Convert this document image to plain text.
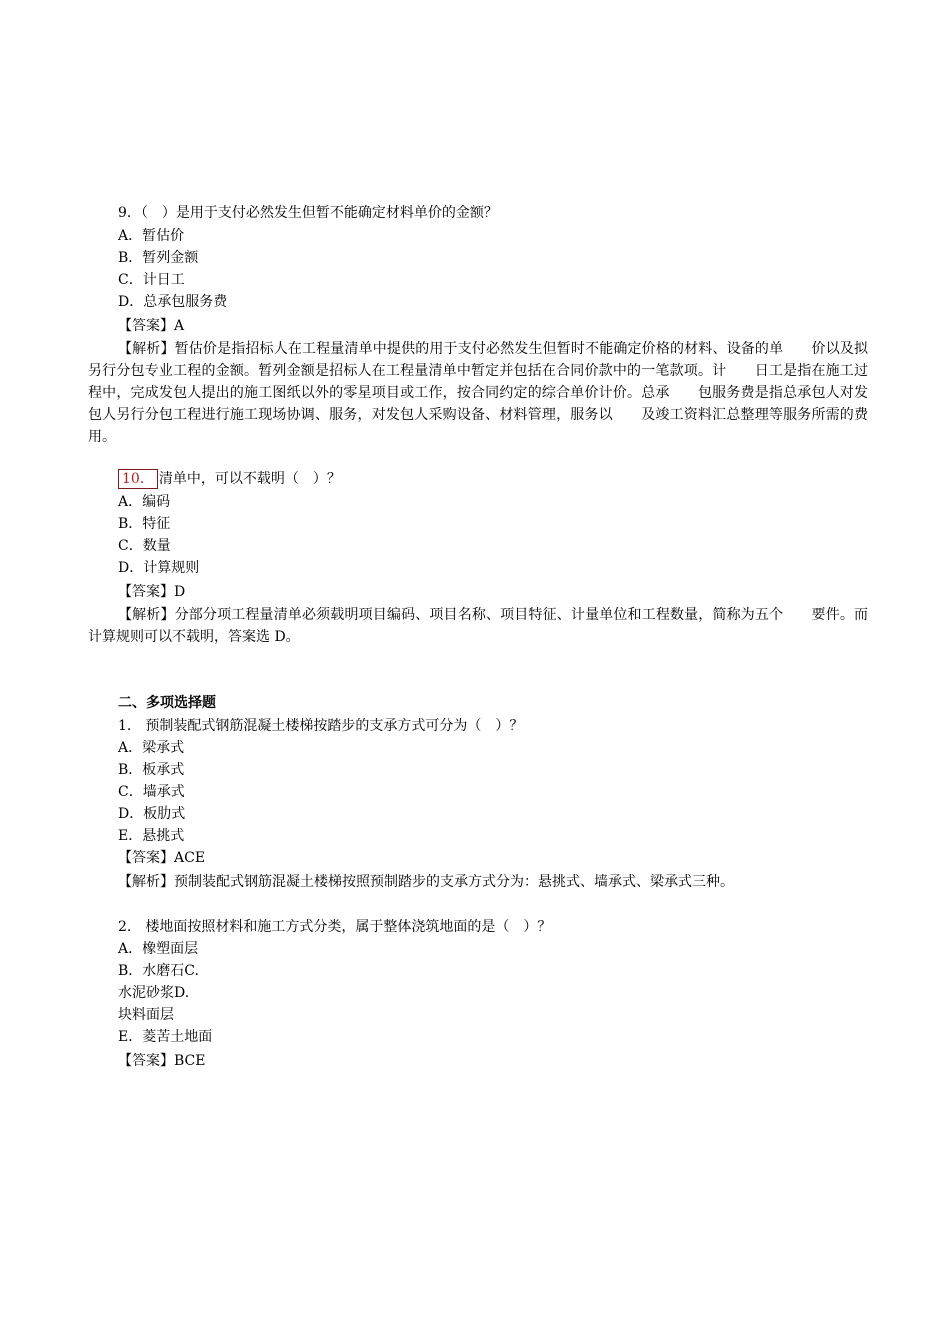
9．（　）是用于支付必然发生但暂不能确定材料单价的金额？
A．暂估价
B．暂列金额
C．计日工
D．总承包服务费
【答案】A
【解析】暂估价是指招标人在工程量清单中提供的用于支付必然发生但暂时不能确定价格的材料、设备的单　　价以及拟另行分包专业工程的金额。暂列金额是招标人在工程量清单中暂定并包括在合同价款中的一笔款项。计　　日工是指在施工过程中，完成发包人提出的施工图纸以外的零星项目或工作，按合同约定的综合单价计价。总承　　包服务费是指总承包人对发包人另行分包工程进行施工现场协调、服务，对发包人采购设备、材料管理，服务以　　及竣工资料汇总整理等服务所需的费用。
10． 清单中，可以不载明（　）？
A．编码
B．特征
C．数量
D．计算规则
【答案】D
【解析】分部分项工程量清单必须载明项目编码、项目名称、项目特征、计量单位和工程数量，简称为五个　　要件。而计算规则可以不载明，答案选 D。
二、多项选择题
1.　预制装配式钢筋混凝土楼梯按踏步的支承方式可分为（　）？
A．梁承式
B．板承式
C．墙承式
D．板肋式
E．悬挑式
【答案】ACE
【解析】预制装配式钢筋混凝土楼梯按照预制踏步的支承方式分为：悬挑式、墙承式、梁承式三种。
2.　楼地面按照材料和施工方式分类，属于整体浇筑地面的是（　）？
A．橡塑面层
B．水磨石C.
水泥砂浆D.
块料面层
E．菱苦土地面
【答案】BCE
